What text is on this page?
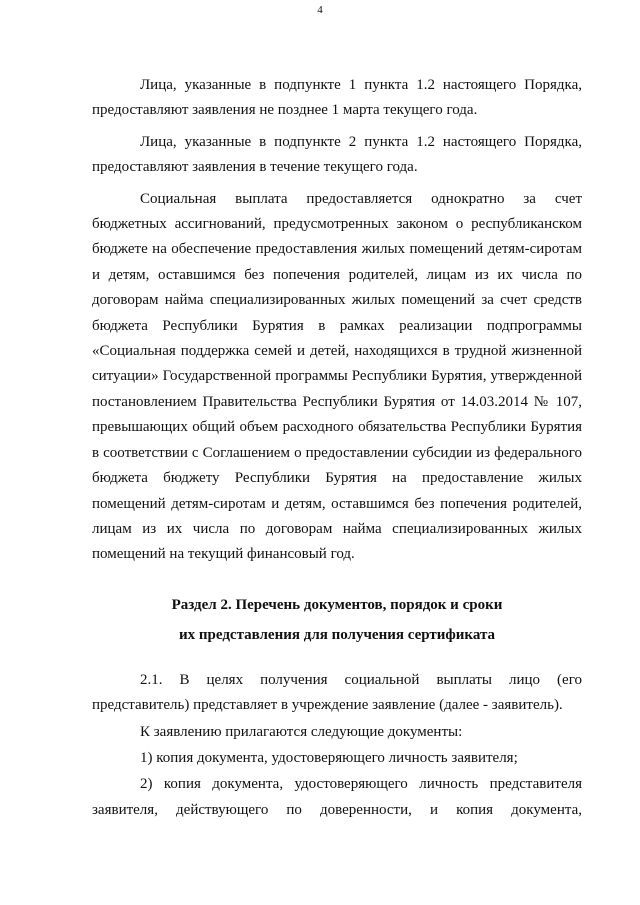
4

Лица, указанные в подпункте 1 пункта 1.2 настоящего Порядка, предоставляют заявления не позднее 1 марта текущего года.

Лица, указанные в подпункте 2 пункта 1.2 настоящего Порядка, предоставляют заявления в течение текущего года.

Социальная выплата предоставляется однократно за счет бюджетных ассигнований, предусмотренных законом о республиканском бюджете на обеспечение предоставления жилых помещений детям-сиротам и детям, оставшимся без попечения родителей, лицам из их числа по договорам найма специализированных жилых помещений за счет средств бюджета Республики Бурятия в рамках реализации подпрограммы «Социальная поддержка семей и детей, находящихся в трудной жизненной ситуации» Государственной программы Республики Бурятия, утвержденной постановлением Правительства Республики Бурятия от 14.03.2014 № 107, превышающих общий объем расходного обязательства Республики Бурятия в соответствии с Соглашением о предоставлении субсидии из федерального бюджета бюджету Республики Бурятия на предоставление жилых помещений детям-сиротам и детям, оставшимся без попечения родителей, лицам из их числа по договорам найма специализированных жилых помещений на текущий финансовый год.

Раздел 2. Перечень документов, порядок и сроки
их представления для получения сертификата

2.1. В целях получения социальной выплаты лицо (его представитель) представляет в учреждение заявление (далее - заявитель).

К заявлению прилагаются следующие документы:

1) копия документа, удостоверяющего личность заявителя;

2) копия документа, удостоверяющего личность представителя заявителя, действующего по доверенности, и копия документа,
